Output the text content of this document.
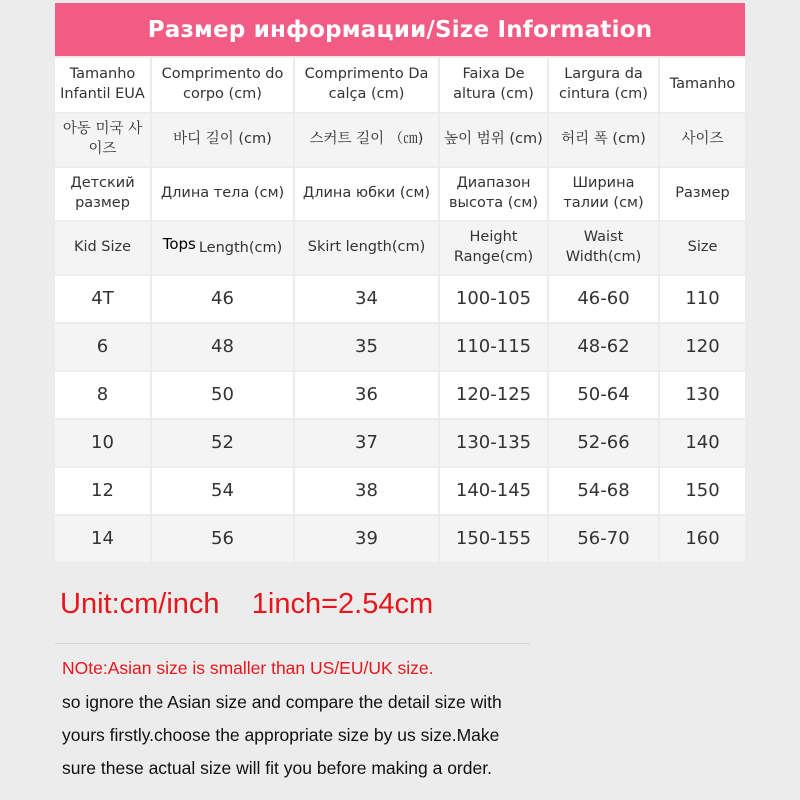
Размер информации/Size Information
Tamanho Infantil EUA	Comprimento do corpo (cm)	Comprimento Da calça (cm)	Faixa De altura (cm)	Largura da cintura (cm)	Tamanho
아동 미국 사이즈	바디 길이 (cm)	스커트 길이 （㎝)	높이 범위 (cm)	허리 폭 (cm)	사이즈
Детский размер	Длина тела (см)	Длина юбки (см)	Диапазон высота (см)	Ширина талии (см)	Размер
Kid Size	Tops Length(cm)	Skirt length(cm)	Height Range(cm)	Waist Width(cm)	Size
4T	46	34	100-105	46-60	110
6	48	35	110-115	48-62	120
8	50	36	120-125	50-64	130
10	52	37	130-135	52-66	140
12	54	38	140-145	54-68	150
14	56	39	150-155	56-70	160
Unit:cm/inch    1inch=2.54cm
NOte:Asian size is smaller than US/EU/UK size.
so ignore the Asian size and compare the detail size with
yours firstly.choose the appropriate size by us size.Make
sure these actual size will fit you before making a order.
